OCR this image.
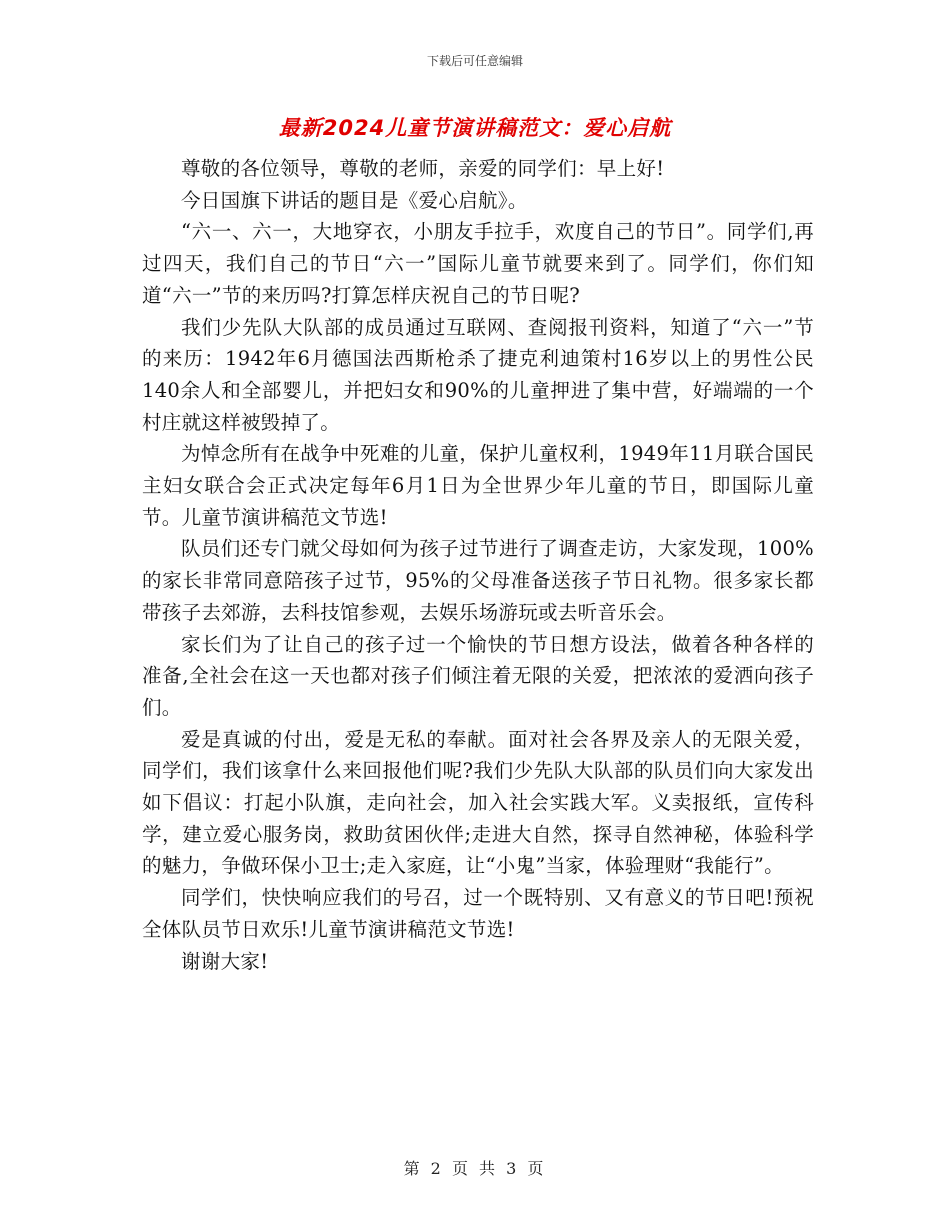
下载后可任意编辑
最新2024儿童节演讲稿范文：爱心启航

尊敬的各位领导，尊敬的老师，亲爱的同学们：早上好!

今日国旗下讲话的题目是《爱心启航》。

“六一、六一，大地穿衣，小朋友手拉手，欢度自己的节日”。同学们,再过四天，我们自己的节日“六一”国际儿童节就要来到了。同学们，你们知道“六一”节的来历吗?打算怎样庆祝自己的节日呢?

我们少先队大队部的成员通过互联网、查阅报刊资料，知道了“六一”节的来历：1942年6月德国法西斯枪杀了捷克利迪策村16岁以上的男性公民140余人和全部婴儿，并把妇女和90%的儿童押进了集中营，好端端的一个村庄就这样被毁掉了。

为悼念所有在战争中死难的儿童，保护儿童权利，1949年11月联合国民主妇女联合会正式决定每年6月1日为全世界少年儿童的节日，即国际儿童节。儿童节演讲稿范文节选!

队员们还专门就父母如何为孩子过节进行了调查走访，大家发现，100%的家长非常同意陪孩子过节，95%的父母准备送孩子节日礼物。很多家长都带孩子去郊游，去科技馆参观，去娱乐场游玩或去听音乐会。

家长们为了让自己的孩子过一个愉快的节日想方设法，做着各种各样的准备,全社会在这一天也都对孩子们倾注着无限的关爱，把浓浓的爱洒向孩子们。

爱是真诚的付出，爱是无私的奉献。面对社会各界及亲人的无限关爱，同学们，我们该拿什么来回报他们呢?我们少先队大队部的队员们向大家发出如下倡议：打起小队旗，走向社会，加入社会实践大军。义卖报纸，宣传科学，建立爱心服务岗，救助贫困伙伴;走进大自然，探寻自然神秘，体验科学的魅力，争做环保小卫士;走入家庭，让“小鬼”当家，体验理财“我能行”。

同学们，快快响应我们的号召，过一个既特别、又有意义的节日吧!预祝全体队员节日欢乐!儿童节演讲稿范文节选!

谢谢大家!

第 2 页 共 3 页
